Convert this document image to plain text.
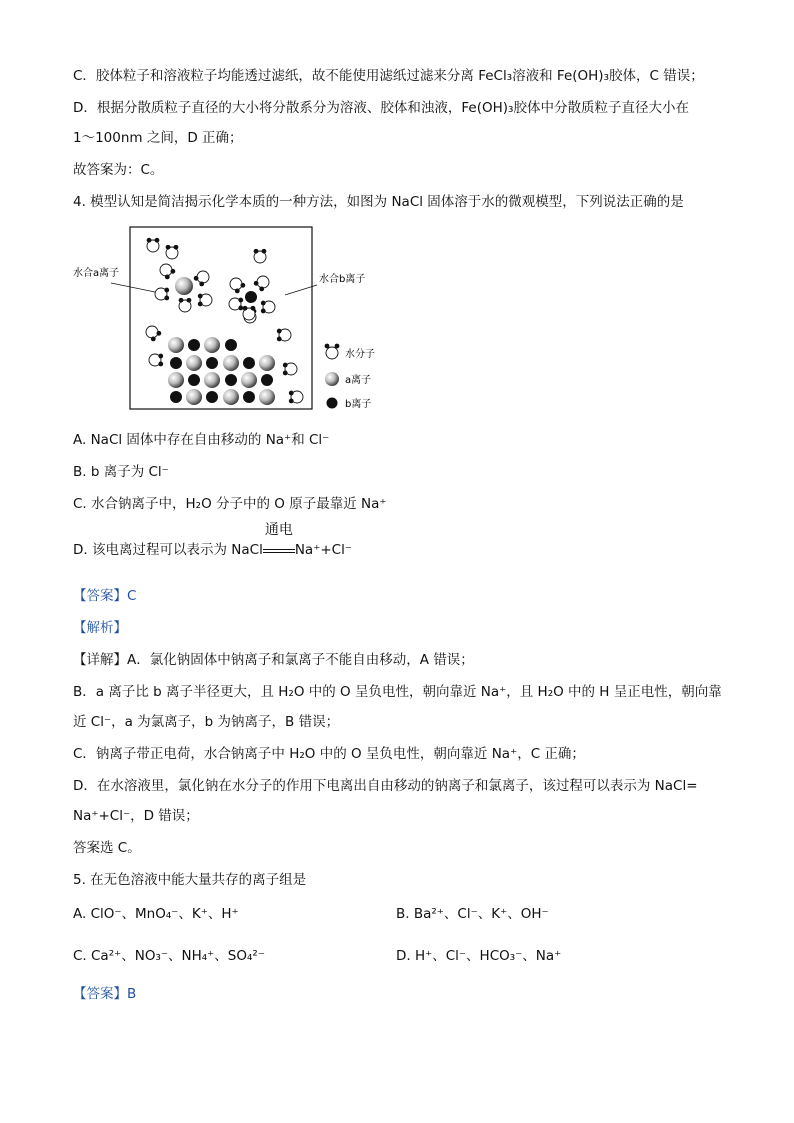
C．胶体粒子和溶液粒子均能透过滤纸，故不能使用滤纸过滤来分离 FeCl₃溶液和 Fe(OH)₃胶体，C 错误；
D．根据分散质粒子直径的大小将分散系分为溶液、胶体和浊液，Fe(OH)₃胶体中分散质粒子直径大小在
1～100nm 之间，D 正确；
故答案为：C。
4. 模型认知是简洁揭示化学本质的一种方法，如图为 NaCl 固体溶于水的微观模型，下列说法正确的是
水合a离子
水合b离子
水分子
a离子
b离子
A. NaCl 固体中存在自由移动的 Na⁺和 Cl⁻
B. b 离子为 Cl⁻
C. 水合钠离子中，H₂O 分子中的 O 原子最靠近 Na⁺
D. 该电离过程可以表示为 NaCl
通电
Na⁺+Cl⁻
【答案】C
【解析】
【详解】A．氯化钠固体中钠离子和氯离子不能自由移动，A 错误；
B．a 离子比 b 离子半径更大，且 H₂O 中的 O 呈负电性，朝向靠近 Na⁺，且 H₂O 中的 H 呈正电性，朝向靠
近 Cl⁻，a 为氯离子，b 为钠离子，B 错误；
C．钠离子带正电荷，水合钠离子中 H₂O 中的 O 呈负电性，朝向靠近 Na⁺，C 正确；
D．在水溶液里，氯化钠在水分子的作用下电离出自由移动的钠离子和氯离子，该过程可以表示为 NaCl=
Na⁺+Cl⁻，D 错误；
答案选 C。
5. 在无色溶液中能大量共存的离子组是
A. ClO⁻、MnO₄⁻、K⁺、H⁺	B. Ba²⁺、Cl⁻、K⁺、OH⁻
C. Ca²⁺、NO₃⁻、NH₄⁺、SO₄²⁻	D. H⁺、Cl⁻、HCO₃⁻、Na⁺
【答案】B
